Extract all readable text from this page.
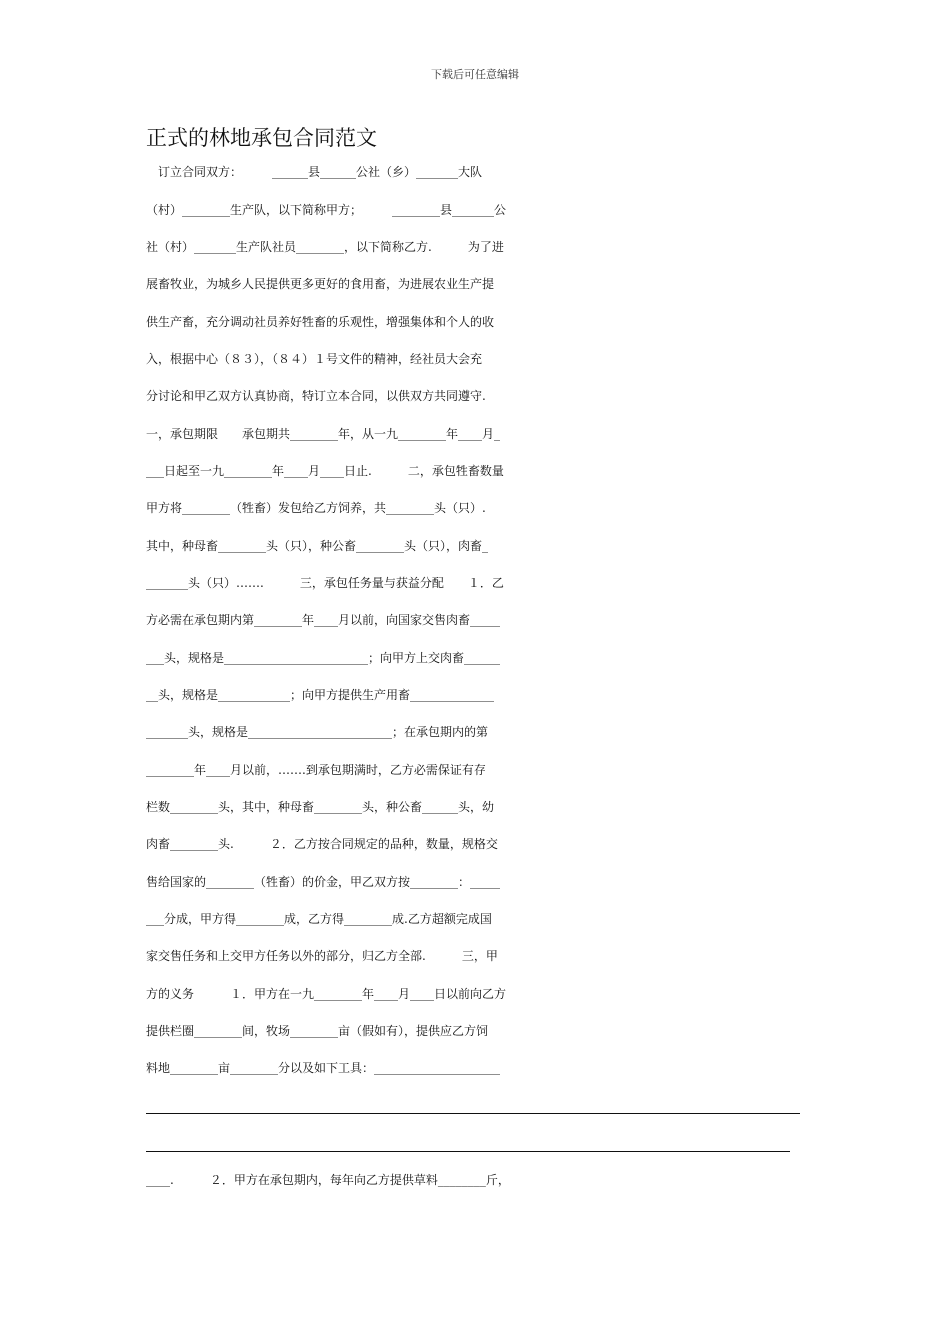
下载后可任意编辑
正式的林地承包合同范文
　订立合同双方：　　　______县______公社（乡）_______大队
（村）________生产队，以下简称甲方；　　　________县_______公
社（村）_______生产队社员________，以下简称乙方.　　　为了进
展畜牧业，为城乡人民提供更多更好的食用畜，为进展农业生产提
供生产畜，充分调动社员养好牲畜的乐观性，增强集体和个人的收
入，根据中心（８３），（８４）１号文件的精神，经社员大会充
分讨论和甲乙双方认真协商，特订立本合同，以供双方共同遵守.
一，承包期限　　承包期共________年，从一九________年____月_
___日起至一九________年____月____日止.　　　二，承包牲畜数量
甲方将________（牲畜）发包给乙方饲养，共________头（只）.
其中，种母畜________头（只），种公畜________头（只），肉畜_
_______头（只）…….　　　三，承包任务量与获益分配　　１．乙
方必需在承包期内第________年____月以前，向国家交售肉畜_____
___头，规格是________________________；向甲方上交肉畜______
__头，规格是____________；向甲方提供生产用畜______________
_______头，规格是________________________；在承包期内的第
________年____月以前，…….到承包期满时，乙方必需保证有存
栏数________头，其中，种母畜________头，种公畜______头，幼
肉畜________头.　　　２．乙方按合同规定的品种，数量，规格交
售给国家的________（牲畜）的价金，甲乙双方按________：_____
___分成，甲方得________成，乙方得________成.乙方超额完成国
家交售任务和上交甲方任务以外的部分，归乙方全部.　　　三，甲
方的义务　　　１．甲方在一九________年____月____日以前向乙方
提供栏圈________间，牧场________亩（假如有），提供应乙方饲
料地________亩________分以及如下工具：_____________________
____.　　　２．甲方在承包期内，每年向乙方提供草料________斤，
